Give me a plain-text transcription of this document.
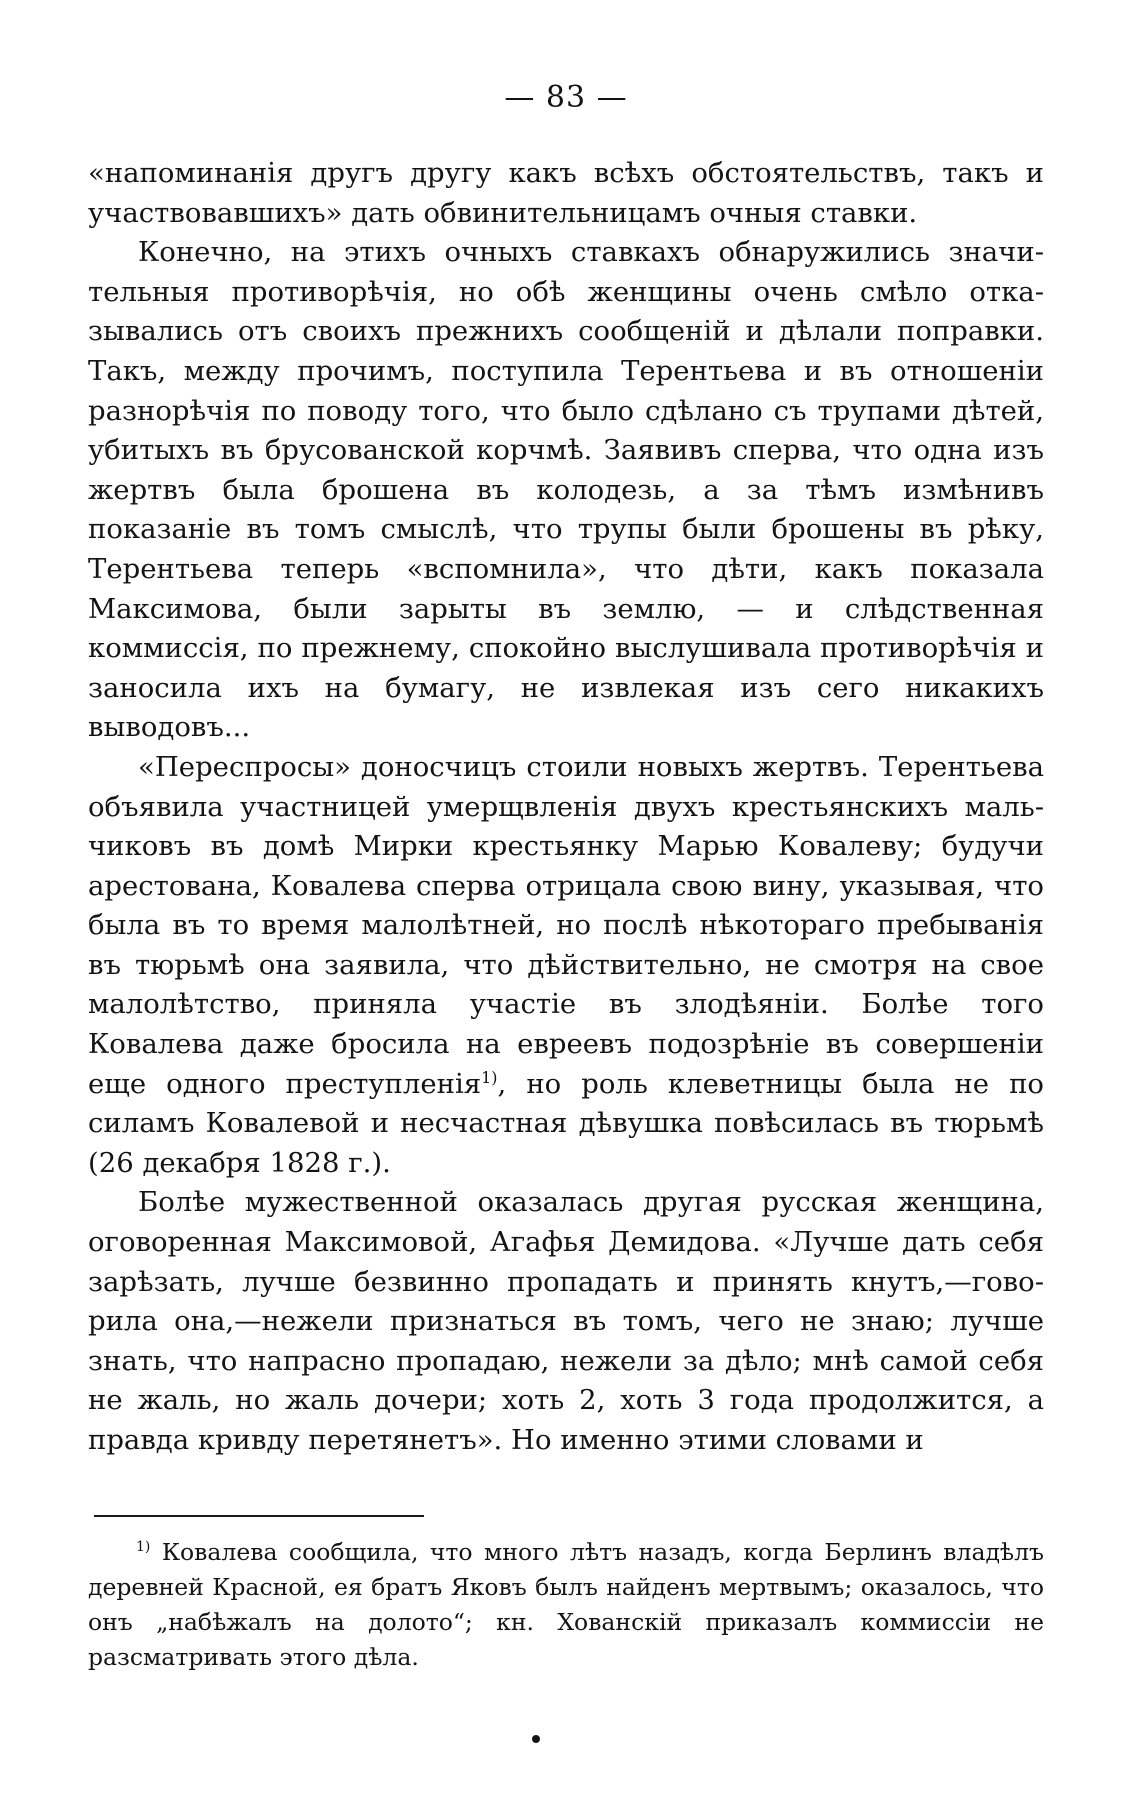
— 83 —

«напоминанія другъ другу какъ всѣхъ обстоятельствъ, такъ и участвовавшихъ» дать обвинительницамъ очныя ставки.

Конечно, на этихъ очныхъ ставкахъ обнаружились значительныя противорѣчія, но обѣ женщины очень смѣло отказывались отъ своихъ прежнихъ сообщеній и дѣлали поправки. Такъ, между прочимъ, поступила Терентьева и въ отношеніи разнорѣчія по поводу того, что было сдѣлано съ трупами дѣтей, убитыхъ въ брусованской корчмѣ. Заявивъ сперва, что одна изъ жертвъ была брошена въ колодезь, а за тѣмъ измѣнивъ показаніе въ томъ смыслѣ, что трупы были брошены въ рѣку, Терентьева теперь «вспомнила», что дѣти, какъ показала Максимова, были зарыты въ землю, — и слѣдственная коммиссія, по прежнему, спокойно выслушивала противорѣчія и заносила ихъ на бумагу, не извлекая изъ сего никакихъ выводовъ...

«Переспросы» доносчицъ стоили новыхъ жертвъ. Терентьева объявила участницей умерщвленія двухъ крестьянскихъ мальчиковъ въ домѣ Мирки крестьянку Марью Ковалеву; будучи арестована, Ковалева сперва отрицала свою вину, указывая, что была въ то время малолѣтней, но послѣ нѣкотораго пребыванія въ тюрьмѣ она заявила, что дѣйствительно, не смотря на свое малолѣтство, приняла участіе въ злодѣяніи. Болѣе того Ковалева даже бросила на евреевъ подозрѣніе въ совершеніи еще одного преступленія$^{1)}$, но роль клеветницы была не по силамъ Ковалевой и несчастная дѣвушка повѣсилась въ тюрьмѣ (26 декабря 1828 г.).

Болѣе мужественной оказалась другая русская женщина, оговоренная Максимовой, Агафья Демидова. «Лучше дать себя зарѣзать, лучше безвинно пропадать и принять кнутъ,—говорила она,—нежели признаться въ томъ, чего не знаю; лучше знать, что напрасно пропадаю, нежели за дѣло; мнѣ самой себя не жаль, но жаль дочери; хоть 2, хоть 3 года продолжится, а правда кривду перетянетъ». Но именно этими словами и

$^{1)}$ Ковалева сообщила, что много лѣтъ назадъ, когда Берлинъ владѣлъ деревней Красной, ея братъ Яковъ былъ найденъ мертвымъ; оказалось, что онъ „набѣжалъ на долото“; кн. Хованскій приказалъ коммиссіи не разсматривать этого дѣла.
